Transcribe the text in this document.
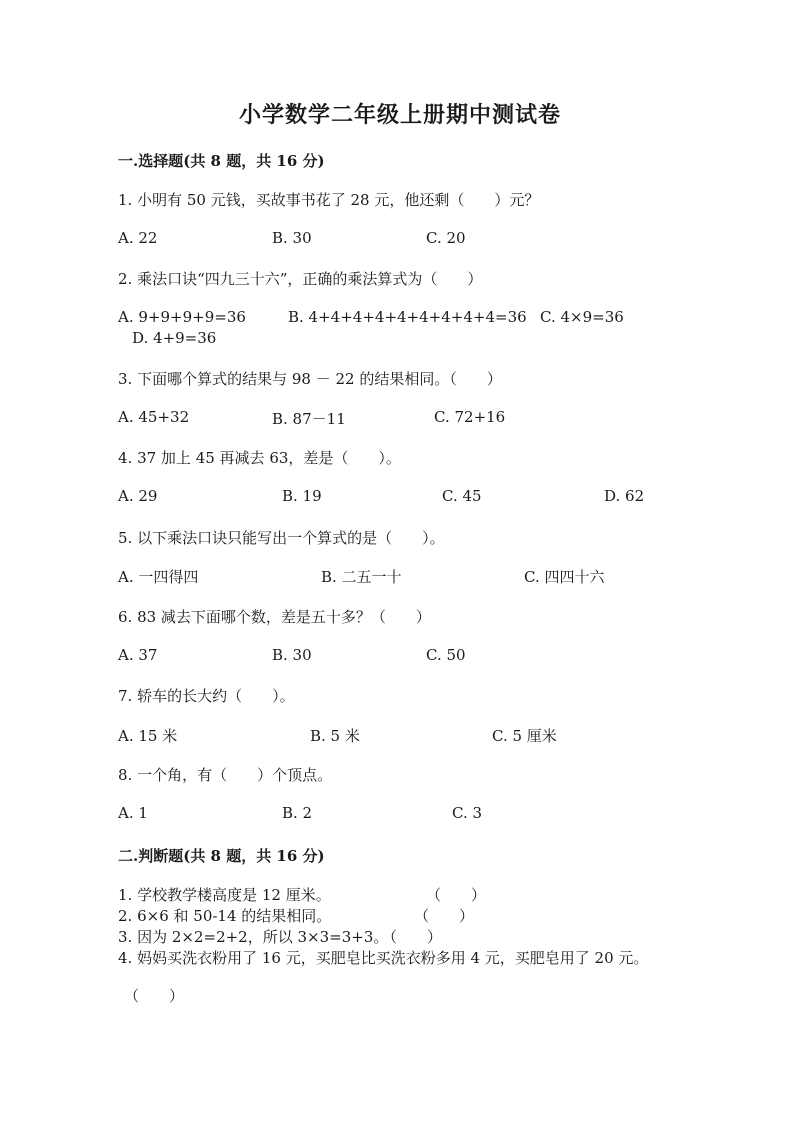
小学数学二年级上册期中测试卷
一.选择题(共 8 题，共 16 分)
1. 小明有 50 元钱，买故事书花了 28 元，他还剩（　　）元？
A. 22	B. 30	C. 20
2. 乘法口诀“四九三十六”，正确的乘法算式为（　　）
A. 9+9+9+9=36	B. 4+4+4+4+4+4+4+4+4=36 C. 4×9=36
D. 4+9=36
3. 下面哪个算式的结果与 98 － 22 的结果相同。（　　）
A. 45+32	B. 87－11	C. 72+16
4. 37 加上 45 再减去 63，差是（　　）。
A. 29	B. 19	C. 45	D. 62
5. 以下乘法口诀只能写出一个算式的是（　　）。
A. 一四得四	B. 二五一十	C. 四四十六
6. 83 减去下面哪个数，差是五十多？（　　）
A. 37	B. 30	C. 50
7. 轿车的长大约（　　）。
A. 15 米	B. 5 米	C. 5 厘米
8. 一个角，有（　　）个顶点。
A. 1	B. 2	C. 3
二.判断题(共 8 题，共 16 分)
1. 学校教学楼高度是 12 厘米。	（　　）
2. 6×6 和 50-14 的结果相同。	（　　）
3. 因为 2×2=2+2，所以 3×3=3+3。
（　　）
4. 妈妈买洗衣粉用了 16 元，买肥皂比买洗衣粉多用 4 元，买肥皂用了 20 元。
（　　）
